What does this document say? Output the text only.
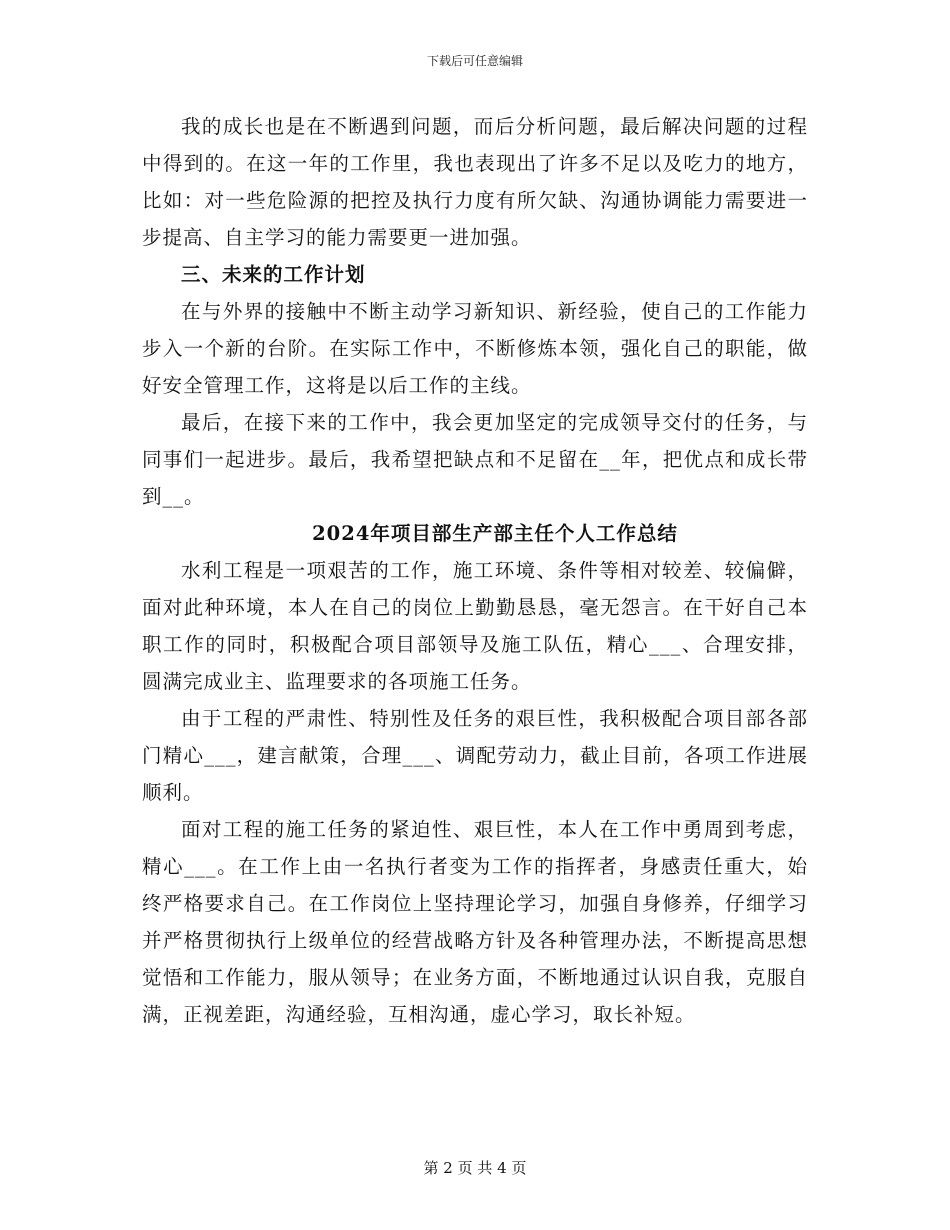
下载后可任意编辑

我的成长也是在不断遇到问题，而后分析问题，最后解决问题的过程中得到的。在这一年的工作里，我也表现出了许多不足以及吃力的地方，比如：对一些危险源的把控及执行力度有所欠缺、沟通协调能力需要进一步提高、自主学习的能力需要更一进加强。

三、未来的工作计划

在与外界的接触中不断主动学习新知识、新经验，使自己的工作能力步入一个新的台阶。在实际工作中，不断修炼本领，强化自己的职能，做好安全管理工作，这将是以后工作的主线。

最后，在接下来的工作中，我会更加坚定的完成领导交付的任务，与同事们一起进步。最后，我希望把缺点和不足留在__年，把优点和成长带到__。

2024年项目部生产部主任个人工作总结

水利工程是一项艰苦的工作，施工环境、条件等相对较差、较偏僻，面对此种环境，本人在自己的岗位上勤勤恳恳，毫无怨言。在干好自己本职工作的同时，积极配合项目部领导及施工队伍，精心___、合理安排，圆满完成业主、监理要求的各项施工任务。

由于工程的严肃性、特别性及任务的艰巨性，我积极配合项目部各部门精心___，建言献策，合理___、调配劳动力，截止目前，各项工作进展顺利。

面对工程的施工任务的紧迫性、艰巨性，本人在工作中勇周到考虑，精心___。在工作上由一名执行者变为工作的指挥者，身感责任重大，始终严格要求自己。在工作岗位上坚持理论学习，加强自身修养，仔细学习并严格贯彻执行上级单位的经营战略方针及各种管理办法，不断提高思想觉悟和工作能力，服从领导；在业务方面，不断地通过认识自我，克服自满，正视差距，沟通经验，互相沟通，虚心学习，取长补短。

第 2 页 共 4 页
